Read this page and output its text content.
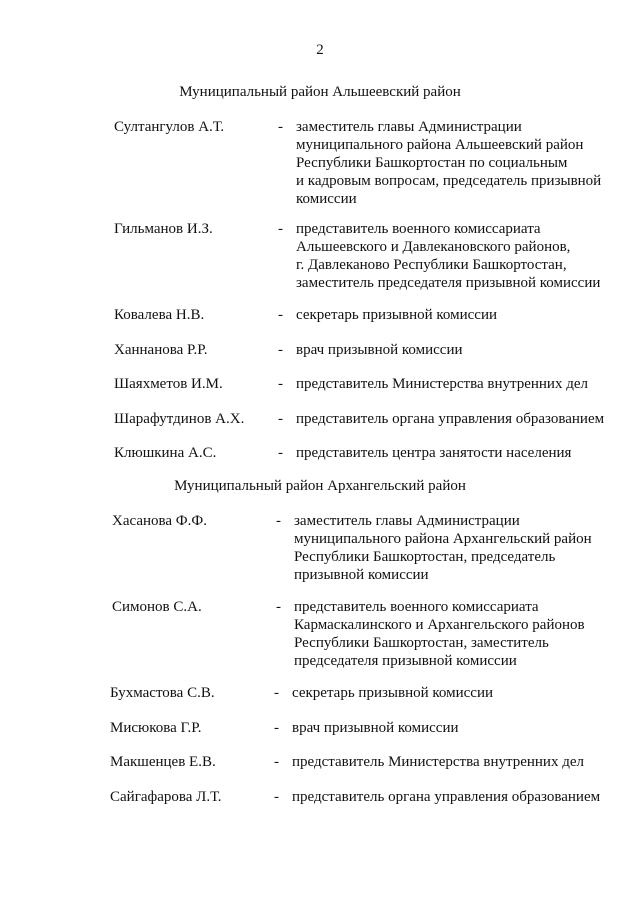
2
Муниципальный район Альшеевский район
Султангулов А.Т.	- заместитель главы Администрации
муниципального района Альшеевский район
Республики Башкортостан по социальным
и кадровым вопросам, председатель призывной
комиссии
Гильманов И.З.	- представитель военного комиссариата
Альшеевского и Давлекановского районов,
г. Давлеканово Республики Башкортостан,
заместитель председателя призывной комиссии
Ковалева Н.В.	- секретарь призывной комиссии
Ханнанова Р.Р.	- врач призывной комиссии
Шаяхметов И.М.	- представитель Министерства внутренних дел
Шарафутдинов А.Х. - представитель органа управления образованием
Клюшкина А.С.	- представитель центра занятости населения
Муниципальный район Архангельский район
Хасанова Ф.Ф.	- заместитель главы Администрации
муниципального района Архангельский район
Республики Башкортостан, председатель
призывной комиссии
Симонов С.А.	- представитель военного комиссариата
Кармаскалинского и Архангельского районов
Республики Башкортостан, заместитель
председателя призывной комиссии
Бухмастова С.В.	- секретарь призывной комиссии
Мисюкова Г.Р.	- врач призывной комиссии
Макшенцев Е.В.	- представитель Министерства внутренних дел
Сайгафарова Л.Т.	- представитель органа управления образованием
